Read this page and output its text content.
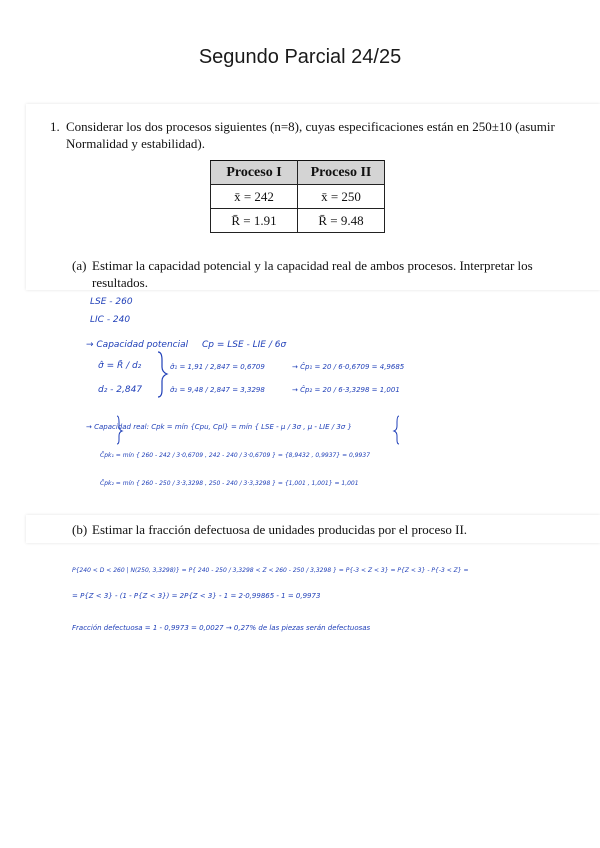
Segundo Parcial 24/25
1. Considerar los dos procesos siguientes (n=8), cuyas especificaciones están en 250±10 (asumir Normalidad y estabilidad).
Proceso I	Proceso II
x̄ = 242	x̄ = 250
R̄ = 1.91	R̄ = 9.48
(a) Estimar la capacidad potencial y la capacidad real de ambos procesos. Interpretar los resultados.
(b) Estimar la fracción defectuosa de unidades producidas por el proceso II.
LSE - 260
LIC - 240
→ Capacidad potencial Cp = LSE - LIE / 6σ
σ̂ = R̄ / d₂
d₂ - 2,847
σ̂₁ = 1,91 / 2,847 = 0,6709	→ Ĉp₁ = 20 / 6·0,6709 = 4,9685
σ̂₂ = 9,48 / 2,847 = 3,3298	→ Ĉp₂ = 20 / 6·3,3298 = 1,001
→ Capacidad real: Cpk = mín {Cpu, Cpl} = mín { LSE - μ / 3σ , μ - LIE / 3σ }
Ĉpk₁ = mín { 260 - 242 / 3·0,6709 , 242 - 240 / 3·0,6709 } = {8,9432 , 0,9937} = 0,9937
Ĉpk₂ = mín { 260 - 250 / 3·3,3298 , 250 - 240 / 3·3,3298 } = {1,001 , 1,001} = 1,001
P{240 < D < 260 | N(250, 3,3298)} = P{ 240 - 250 / 3,3298 < Z < 260 - 250 / 3,3298 } = P{-3 < Z < 3} = P{Z < 3} - P{-3 < Z} =
= P{Z < 3} - (1 - P{Z < 3}) = 2P{Z < 3} - 1 = 2·0,99865 - 1 = 0,9973
Fracción defectuosa = 1 - 0,9973 = 0,0027 → 0,27% de las piezas serán defectuosas
